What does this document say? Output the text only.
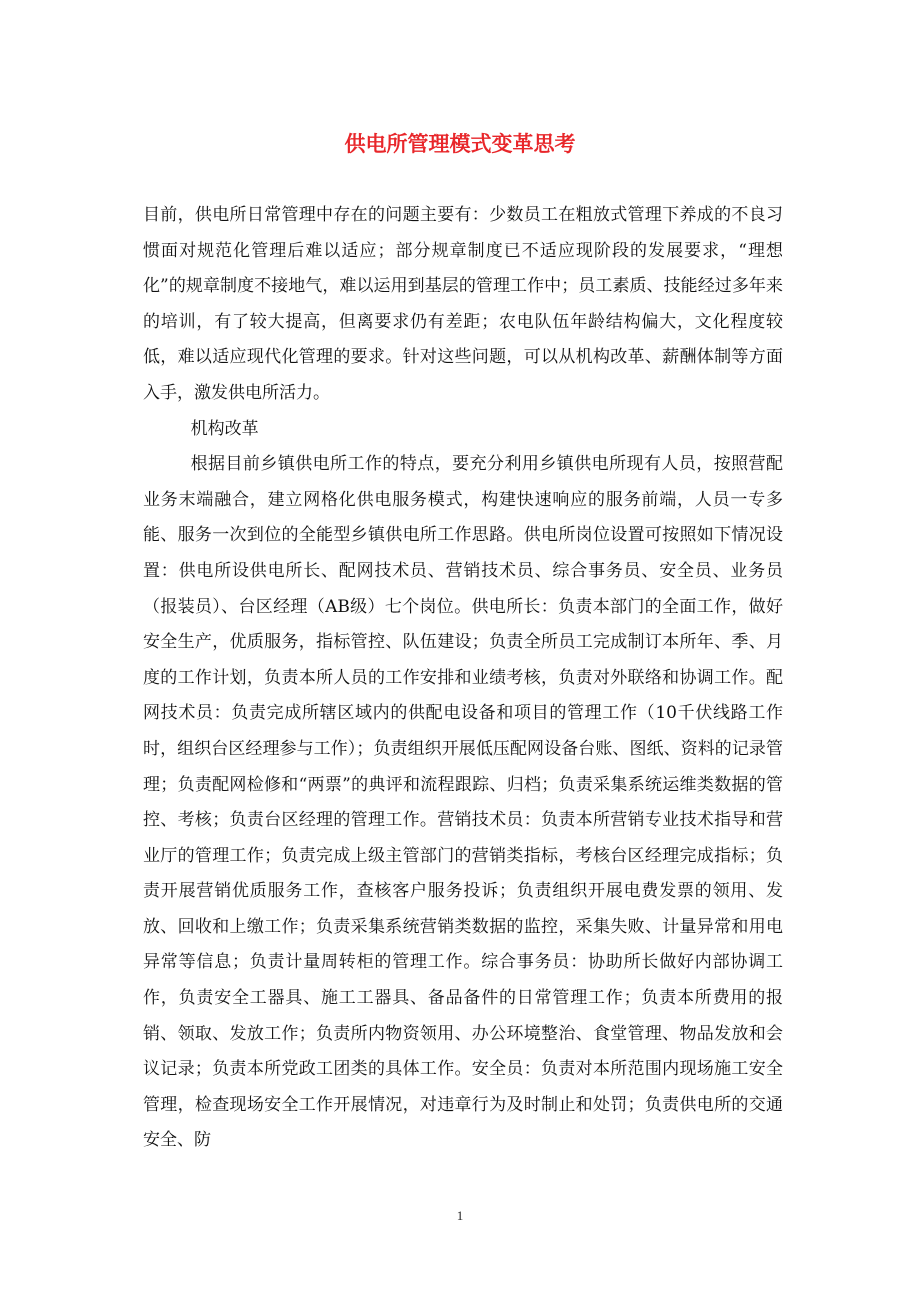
供电所管理模式变革思考

目前，供电所日常管理中存在的问题主要有：少数员工在粗放式管理下养成的不良习惯面对规范化管理后难以适应；部分规章制度已不适应现阶段的发展要求，“理想化”的规章制度不接地气，难以运用到基层的管理工作中；员工素质、技能经过多年来的培训，有了较大提高，但离要求仍有差距；农电队伍年龄结构偏大，文化程度较低，难以适应现代化管理的要求。针对这些问题，可以从机构改革、薪酬体制等方面入手，激发供电所活力。

机构改革

根据目前乡镇供电所工作的特点，要充分利用乡镇供电所现有人员，按照营配业务末端融合，建立网格化供电服务模式，构建快速响应的服务前端，人员一专多能、服务一次到位的全能型乡镇供电所工作思路。供电所岗位设置可按照如下情况设置：供电所设供电所长、配网技术员、营销技术员、综合事务员、安全员、业务员（报装员）、台区经理（AB级）七个岗位。供电所长：负责本部门的全面工作，做好安全生产，优质服务，指标管控、队伍建设；负责全所员工完成制订本所年、季、月度的工作计划，负责本所人员的工作安排和业绩考核，负责对外联络和协调工作。配网技术员：负责完成所辖区域内的供配电设备和项目的管理工作（10千伏线路工作时，组织台区经理参与工作）；负责组织开展低压配网设备台账、图纸、资料的记录管理；负责配网检修和“两票”的典评和流程跟踪、归档；负责采集系统运维类数据的管控、考核；负责台区经理的管理工作。营销技术员：负责本所营销专业技术指导和营业厅的管理工作；负责完成上级主管部门的营销类指标，考核台区经理完成指标；负责开展营销优质服务工作，查核客户服务投诉；负责组织开展电费发票的领用、发放、回收和上缴工作；负责采集系统营销类数据的监控，采集失败、计量异常和用电异常等信息；负责计量周转柜的管理工作。综合事务员：协助所长做好内部协调工作，负责安全工器具、施工工器具、备品备件的日常管理工作；负责本所费用的报销、领取、发放工作；负责所内物资领用、办公环境整治、食堂管理、物品发放和会议记录；负责本所党政工团类的具体工作。安全员：负责对本所范围内现场施工安全管理，检查现场安全工作开展情况，对违章行为及时制止和处罚；负责供电所的交通安全、防

1
